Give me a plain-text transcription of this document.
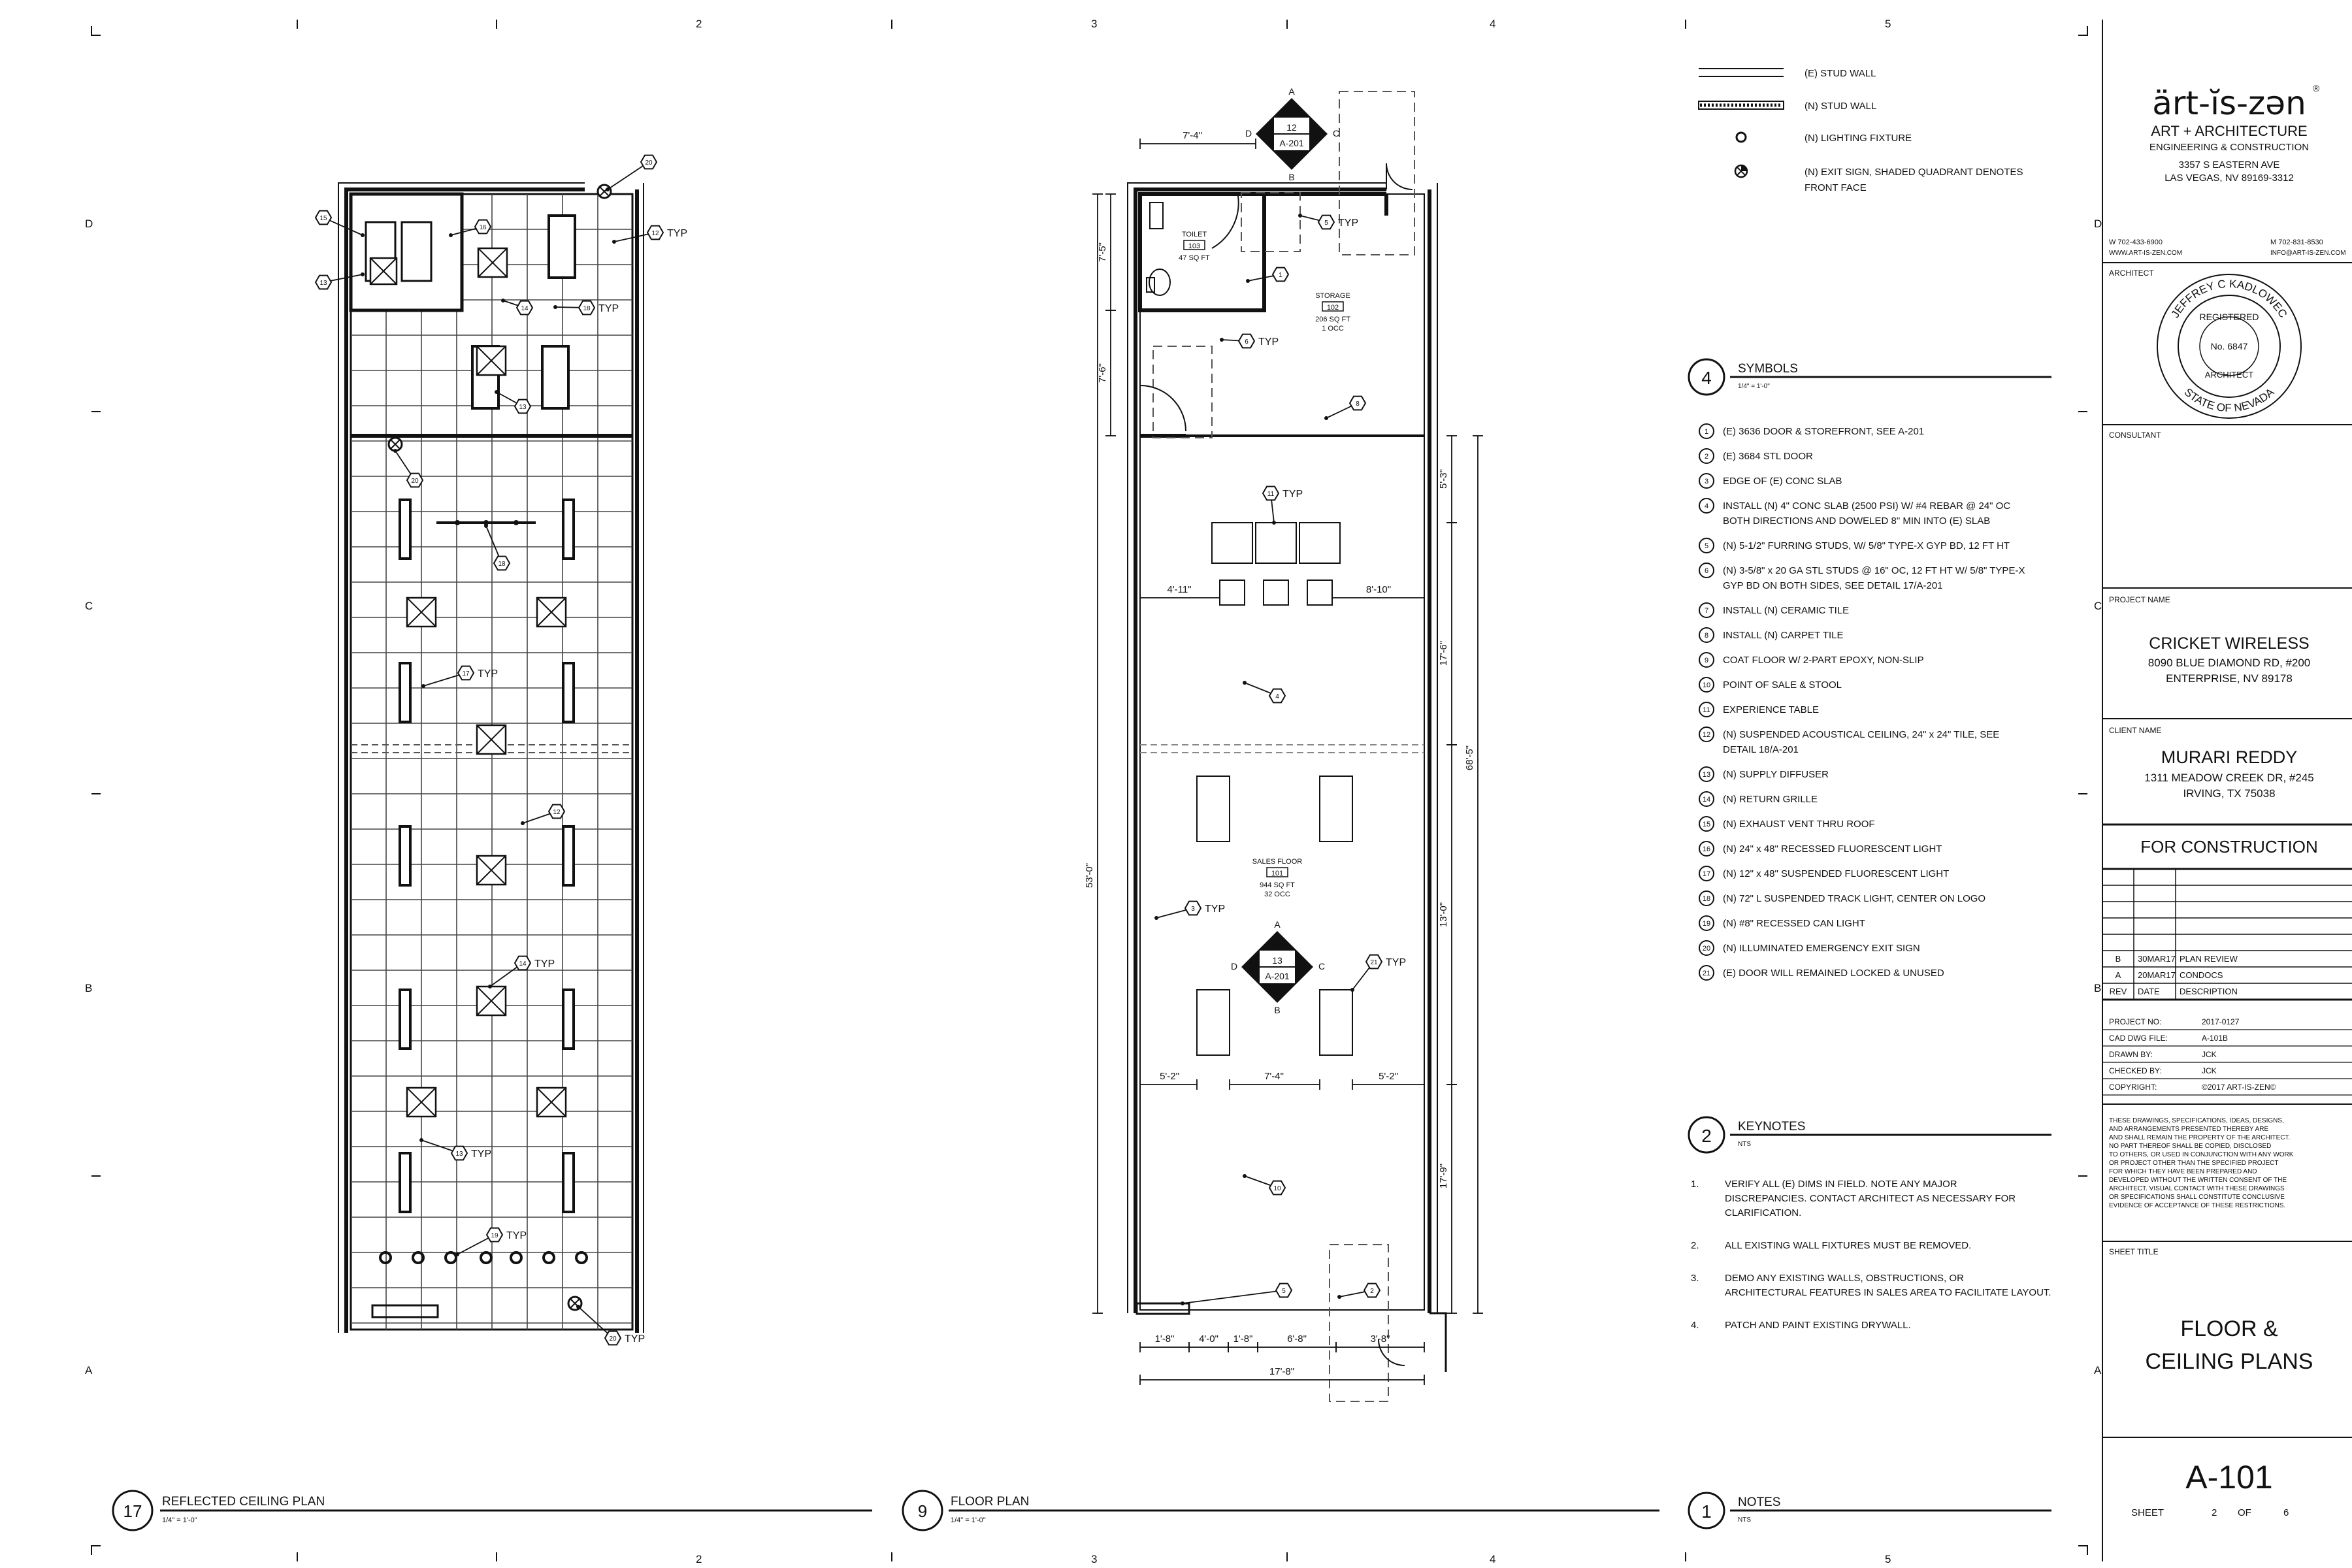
2	3	4	5
2	3	4	5
D
C
B
A
D
C
B
A
15
16
13
14	18 TYP
13
12 TYP
20
20
18
17 TYP
12
14 TYP
13 TYP
19 TYP
20 TYP
17 REFLECTED CEILING PLAN
1/4" = 1'-0"
7'-4"
7'-5"
7'-6"
53'-0"
5'-3"
17'-6"
68'-5"
13'-0"
17'-9"
4'-11"	8'-10"
5'-2"	7'-4"	5'-2"
1'-8"	4'-0" 1'-8"	6'-8"	3'-8"
17'-8"
1
2
3 TYP
4
5 TYP
6 TYP
8
10
11 TYP
21 TYP
5
TOILET
103
47 SQ FT
STORAGE
102
206 SQ FT
1 OCC
SALES FLOOR
101
944 SQ FT
32 OCC
12
A-201
A
B
C
D
13
A-201
A
B
C
D
9 FLOOR PLAN
1/4" = 1'-0"
(E) STUD WALL
(N) STUD WALL
(N) LIGHTING FIXTURE
(N) EXIT SIGN, SHADED QUADRANT DENOTES
FRONT FACE
4 SYMBOLS
1/4" = 1'-0"
1 (E) 3636 DOOR & STOREFRONT, SEE A-201
2 (E) 3684 STL DOOR
3 EDGE OF (E) CONC SLAB
4 INSTALL (N) 4" CONC SLAB (2500 PSI) W/ #4 REBAR @ 24" OC
BOTH DIRECTIONS AND DOWELED 8" MIN INTO (E) SLAB
5 (N) 5-1/2" FURRING STUDS, W/ 5/8" TYPE-X GYP BD, 12 FT HT
6 (N) 3-5/8" x 20 GA STL STUDS @ 16" OC, 12 FT HT W/ 5/8" TYPE-X
GYP BD ON BOTH SIDES, SEE DETAIL 17/A-201
7 INSTALL (N) CERAMIC TILE
8 INSTALL (N) CARPET TILE
9 COAT FLOOR W/ 2-PART EPOXY, NON-SLIP
10 POINT OF SALE & STOOL
11 EXPERIENCE TABLE
12 (N) SUSPENDED ACOUSTICAL CEILING, 24" x 24" TILE, SEE
DETAIL 18/A-201
13 (N) SUPPLY DIFFUSER
14 (N) RETURN GRILLE
15 (N) EXHAUST VENT THRU ROOF
16 (N) 24" x 48" RECESSED FLUORESCENT LIGHT
17 (N) 12" x 48" SUSPENDED FLUORESCENT LIGHT
18 (N) 72" L SUSPENDED TRACK LIGHT, CENTER ON LOGO
19 (N) #8" RECESSED CAN LIGHT
20 (N) ILLUMINATED EMERGENCY EXIT SIGN
21 (E) DOOR WILL REMAINED LOCKED & UNUSED
2 KEYNOTES
NTS
1.	VERIFY ALL (E) DIMS IN FIELD. NOTE ANY MAJOR
DISCREPANCIES. CONTACT ARCHITECT AS NECESSARY FOR
CLARIFICATION.
2.	ALL EXISTING WALL FIXTURES MUST BE REMOVED.
3.	DEMO ANY EXISTING WALLS, OBSTRUCTIONS, OR
ARCHITECTURAL FEATURES IN SALES AREA TO FACILITATE LAYOUT.
4.	PATCH AND PAINT EXISTING DRYWALL.
1 NOTES
NTS
ärt-ĭs-zən ®
ART + ARCHITECTURE
ENGINEERING & CONSTRUCTION
3357 S EASTERN AVE
LAS VEGAS, NV 89169-3312
W 702-433-6900	M 702-831-8530
WWW.ART-IS-ZEN.COM	INFO@ART-IS-ZEN.COM
ARCHITECT
JEFFREY C KADLOWEC
STATE OF NEVADA
REGISTERED
No. 6847
ARCHITECT
CONSULTANT
PROJECT NAME
CRICKET WIRELESS
8090 BLUE DIAMOND RD, #200
ENTERPRISE, NV 89178
CLIENT NAME
MURARI REDDY
1311 MEADOW CREEK DR, #245
IRVING, TX 75038
FOR CONSTRUCTION
B 30MAR17 PLAN REVIEW
A 20MAR17 CONDOCS
REV DATE DESCRIPTION
PROJECT NO:	2017-0127
CAD DWG FILE:	A-101B
DRAWN BY:	JCK
CHECKED BY:	JCK
COPYRIGHT:	©2017 ART-IS-ZEN©
THESE DRAWINGS, SPECIFICATIONS, IDEAS, DESIGNS,
AND ARRANGEMENTS PRESENTED THEREBY ARE
AND SHALL REMAIN THE PROPERTY OF THE ARCHITECT.
NO PART THEREOF SHALL BE COPIED, DISCLOSED
TO OTHERS, OR USED IN CONJUNCTION WITH ANY WORK
OR PROJECT OTHER THAN THE SPECIFIED PROJECT
FOR WHICH THEY HAVE BEEN PREPARED AND
DEVELOPED WITHOUT THE WRITTEN CONSENT OF THE
ARCHITECT. VISUAL CONTACT WITH THESE DRAWINGS
OR SPECIFICATIONS SHALL CONSTITUTE CONCLUSIVE
EVIDENCE OF ACCEPTANCE OF THESE RESTRICTIONS.
SHEET TITLE
FLOOR &
CEILING PLANS
A-101
SHEET	2 OF	6
